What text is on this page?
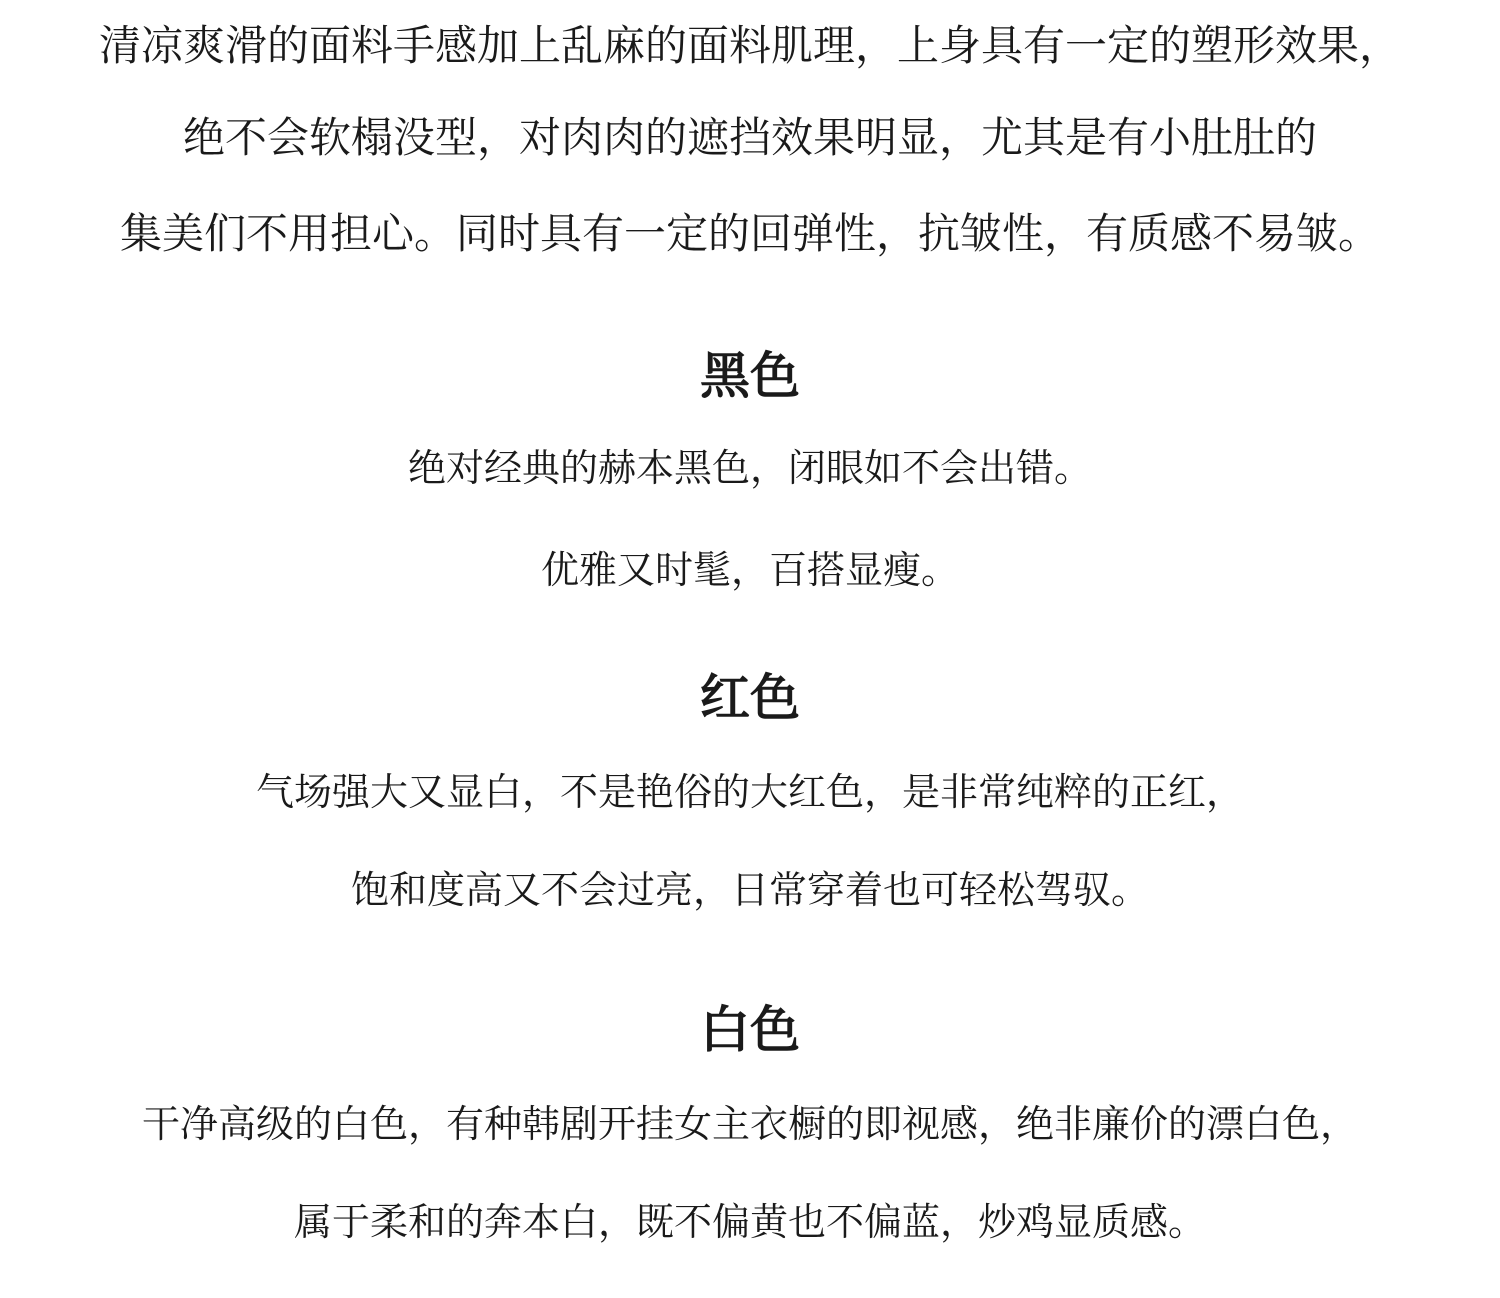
清凉爽滑的面料手感加上乱麻的面料肌理，上身具有一定的塑形效果，
绝不会软榻没型，对肉肉的遮挡效果明显，尤其是有小肚肚的
集美们不用担心。同时具有一定的回弹性，抗皱性，有质感不易皱。
黑色
绝对经典的赫本黑色，闭眼如不会出错。
优雅又时髦，百搭显瘦。
红色
气场强大又显白，不是艳俗的大红色，是非常纯粹的正红，
饱和度高又不会过亮，日常穿着也可轻松驾驭。
白色
干净高级的白色，有种韩剧开挂女主衣橱的即视感，绝非廉价的漂白色，
属于柔和的奔本白，既不偏黄也不偏蓝，炒鸡显质感。
